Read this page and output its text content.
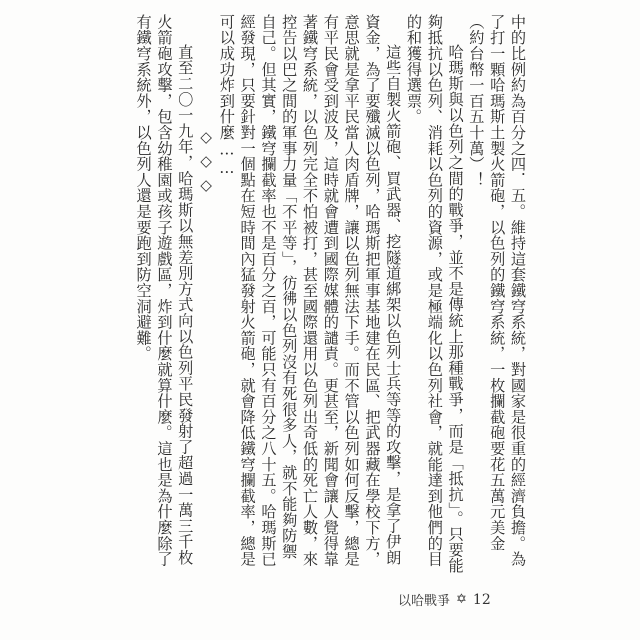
中的比例約為百分之四．五。維持這套鐵穹系統，對國家是很重的經濟負擔。為了打一顆哈瑪斯土製火箭砲，以色列的鐵穹系統，一枚攔截砲要花五萬元美金（約台幣一百五十萬）！

哈瑪斯與以色列之間的戰爭，並不是傳統上那種戰爭，而是「抵抗」。只要能夠抵抗以色列、消耗以色列的資源，或是極端化以色列社會，就能達到他們的目的和獲得選票。

這些自製火箭砲、買武器、挖隧道綁架以色列士兵等等的攻擊，是拿了伊朗資金，為了要殲滅以色列，哈瑪斯把軍事基地建在民區、把武器藏在學校下方，意思就是拿平民當人肉盾牌，讓以色列無法下手。而不管以色列如何反擊，總是有平民會受到波及，這時就會遭到國際媒體的譴責。更甚至，新聞會讓人覺得靠著鐵穹系統，以色列完全不怕被打，甚至國際還用以色列出奇低的死亡人數，來控告以巴之間的軍事力量「不平等」，彷彿以色列沒有死很多人，就不能夠防禦自己。但其實，鐵穹攔截率也不是百分之百，可能只有百分之八十五。哈瑪斯已經發現，只要針對一個點在短時間內猛發射火箭砲，就會降低鐵穹攔截率，總是可以成功炸到什麼……

◇◇◇

直至二〇一九年，哈瑪斯以無差別方式向以色列平民發射了超過一萬三千枚火箭砲攻擊，包含幼稚園或孩子遊戲區，炸到什麼就算什麼。這也是為什麼除了有鐵穹系統外，以色列人還是要跑到防空洞避難。

以哈戰爭 ✡ 12
